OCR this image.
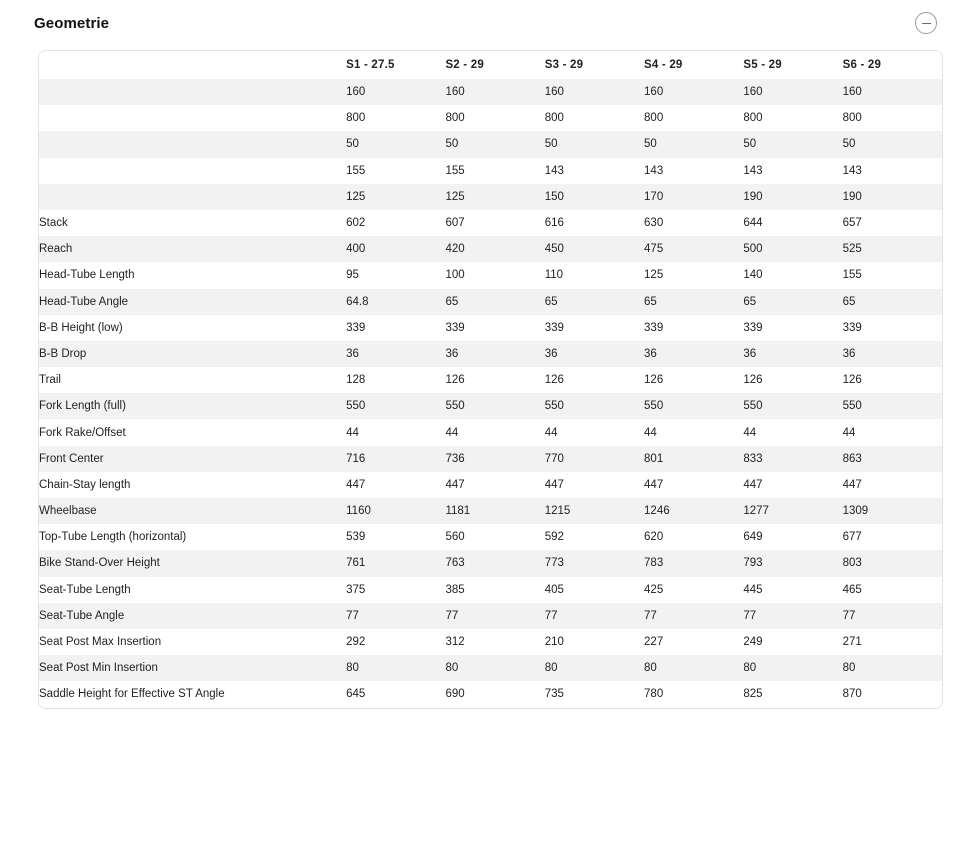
Geometrie
	S1 - 27.5	S2 - 29	S3 - 29	S4 - 29	S5 - 29	S6 - 29
	160	160	160	160	160	160
	800	800	800	800	800	800
	50	50	50	50	50	50
	155	155	143	143	143	143
	125	125	150	170	190	190
Stack	602	607	616	630	644	657
Reach	400	420	450	475	500	525
Head-Tube Length	95	100	110	125	140	155
Head-Tube Angle	64.8	65	65	65	65	65
B-B Height (low)	339	339	339	339	339	339
B-B Drop	36	36	36	36	36	36
Trail	128	126	126	126	126	126
Fork Length (full)	550	550	550	550	550	550
Fork Rake/Offset	44	44	44	44	44	44
Front Center	716	736	770	801	833	863
Chain-Stay length	447	447	447	447	447	447
Wheelbase	1160	1181	1215	1246	1277	1309
Top-Tube Length (horizontal)	539	560	592	620	649	677
Bike Stand-Over Height	761	763	773	783	793	803
Seat-Tube Length	375	385	405	425	445	465
Seat-Tube Angle	77	77	77	77	77	77
Seat Post Max Insertion	292	312	210	227	249	271
Seat Post Min Insertion	80	80	80	80	80	80
Saddle Height for Effective ST Angle	645	690	735	780	825	870
